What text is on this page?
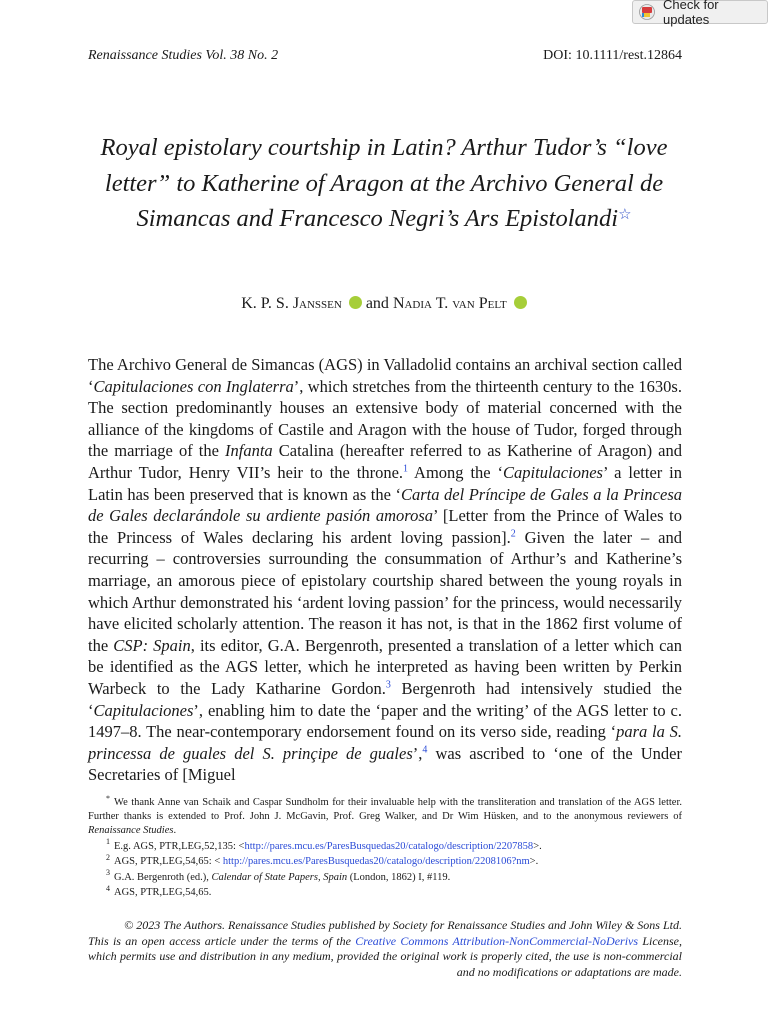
Check for updates
Renaissance Studies Vol. 38 No. 2	DOI: 10.1111/rest.12864
Royal epistolary courtship in Latin? Arthur Tudor’s “love letter” to Katherine of Aragon at the Archivo General de Simancas and Francesco Negri’s Ars Epistolandi☆
K. P. S. Janssen and Nadia T. van Pelt

The Archivo General de Simancas (AGS) in Valladolid contains an archival section called ‘Capitulaciones con Inglaterra’, which stretches from the thirteenth century to the 1630s. The section predominantly houses an extensive body of material concerned with the alliance of the kingdoms of Castile and Aragon with the house of Tudor, forged through the marriage of the Infanta Catalina (hereafter referred to as Katherine of Aragon) and Arthur Tudor, Henry VII’s heir to the throne.$^1$ Among the ‘Capitulaciones’ a letter in Latin has been preserved that is known as the ‘Carta del Príncipe de Gales a la Princesa de Gales declarándole su ardiente pasión amorosa’ [Letter from the Prince of Wales to the Princess of Wales declaring his ardent loving passion].$^2$ Given the later – and recurring – controversies surrounding the consummation of Arthur’s and Katherine’s marriage, an amorous piece of epistolary courtship shared between the young royals in which Arthur demonstrated his ‘ardent loving passion’ for the princess, would necessarily have elicited scholarly attention. The reason it has not, is that in the 1862 first volume of the CSP: Spain, its editor, G.A. Bergenroth, presented a translation of a letter which can be identified as the AGS letter, which he interpreted as having been written by Perkin Warbeck to the Lady Katharine Gordon.$^3$ Bergenroth had intensively studied the ‘Capitulaciones’, enabling him to date the ‘paper and the writing’ of the AGS letter to c. 1497–8. The near-contemporary endorsement found on its verso side, reading ‘para la S. princessa de guales del S. prinçipe de guales’,$^4$ was ascribed to ‘one of the Under Secretaries of [Miguel

* We thank Anne van Schaik and Caspar Sundholm for their invaluable help with the transliteration and translation of the AGS letter. Further thanks is extended to Prof. John J. McGavin, Prof. Greg Walker, and Dr Wim Hüsken, and to the anonymous reviewers of Renaissance Studies.

$^1$ E.g. AGS, PTR,LEG,52,135: <http://pares.mcu.es/ParesBusquedas20/catalogo/description/2207858>.

$^2$ AGS, PTR,LEG,54,65: < http://pares.mcu.es/ParesBusquedas20/catalogo/description/2208106?nm>.

$^3$ G.A. Bergenroth (ed.), Calendar of State Papers, Spain (London, 1862) I, #119.

$^4$ AGS, PTR,LEG,54,65.

© 2023 The Authors. Renaissance Studies published by Society for Renaissance Studies and John Wiley & Sons Ltd.

This is an open access article under the terms of the Creative Commons Attribution-NonCommercial-NoDerivs License, which permits use and distribution in any medium, provided the original work is properly cited, the use is non-commercial and no modifications or adaptations are made.
